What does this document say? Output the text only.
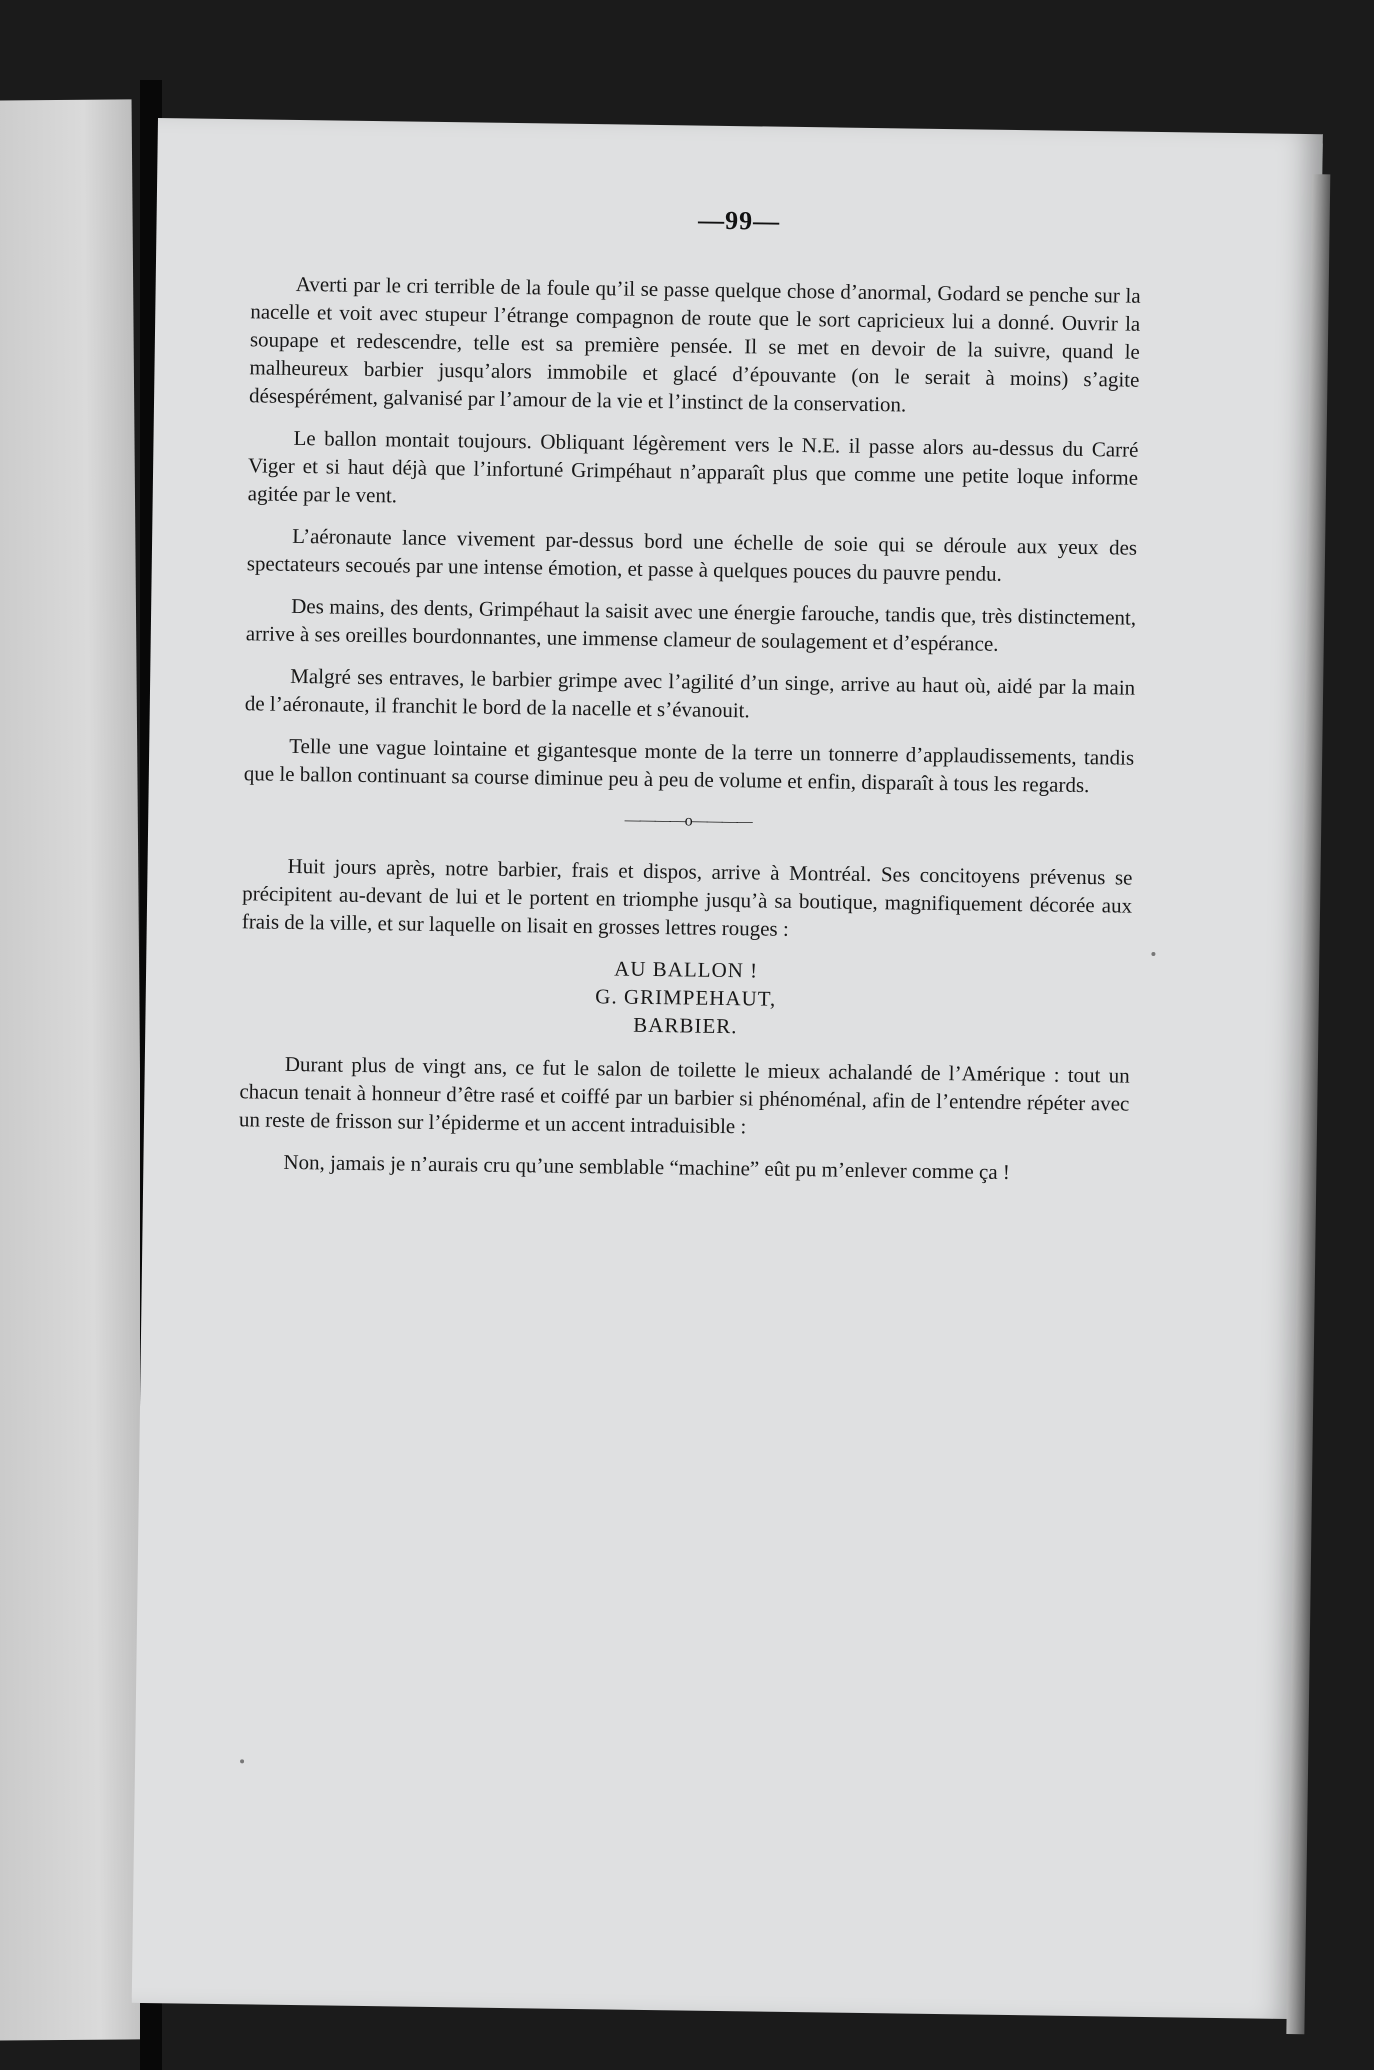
—99—

Averti par le cri terrible de la foule qu’il se passe quelque chose d’anormal, Godard se penche sur la nacelle et voit avec stupeur l’étrange compagnon de route que le sort capricieux lui a donné. Ouvrir la soupape et redescendre, telle est sa première pensée. Il se met en devoir de la suivre, quand le malheureux barbier jusqu’alors immobile et glacé d’épouvante (on le serait à moins) s’agite désespérément, galvanisé par l’amour de la vie et l’instinct de la conservation.

Le ballon montait toujours. Obliquant légèrement vers le N.E. il passe alors au-dessus du Carré Viger et si haut déjà que l’infortuné Grimpéhaut n’apparaît plus que comme une petite loque informe agitée par le vent.

L’aéronaute lance vivement par-dessus bord une échelle de soie qui se déroule aux yeux des spectateurs secoués par une intense émotion, et passe à quelques pouces du pauvre pendu.

Des mains, des dents, Grimpéhaut la saisit avec une énergie farouche, tandis que, très distinctement, arrive à ses oreilles bourdonnantes, une immense clameur de soulagement et d’espérance.

Malgré ses entraves, le barbier grimpe avec l’agilité d’un singe, arrive au haut où, aidé par la main de l’aéronaute, il franchit le bord de la nacelle et s’évanouit.

Telle une vague lointaine et gigantesque monte de la terre un tonnerre d’applaudissements, tandis que le ballon continuant sa course diminue peu à peu de volume et enfin, disparaît à tous les regards.

————o————

Huit jours après, notre barbier, frais et dispos, arrive à Montréal. Ses concitoyens prévenus se précipitent au-devant de lui et le portent en triomphe jusqu’à sa boutique, magnifiquement décorée aux frais de la ville, et sur laquelle on lisait en grosses lettres rouges :

AU BALLON !
G. GRIMPEHAUT,
BARBIER.

Durant plus de vingt ans, ce fut le salon de toilette le mieux achalandé de l’Amérique : tout un chacun tenait à honneur d’être rasé et coiffé par un barbier si phénoménal, afin de l’entendre répéter avec un reste de frisson sur l’épiderme et un accent intraduisible :

Non, jamais je n’aurais cru qu’une semblable “machine” eût pu m’enlever comme ça !
